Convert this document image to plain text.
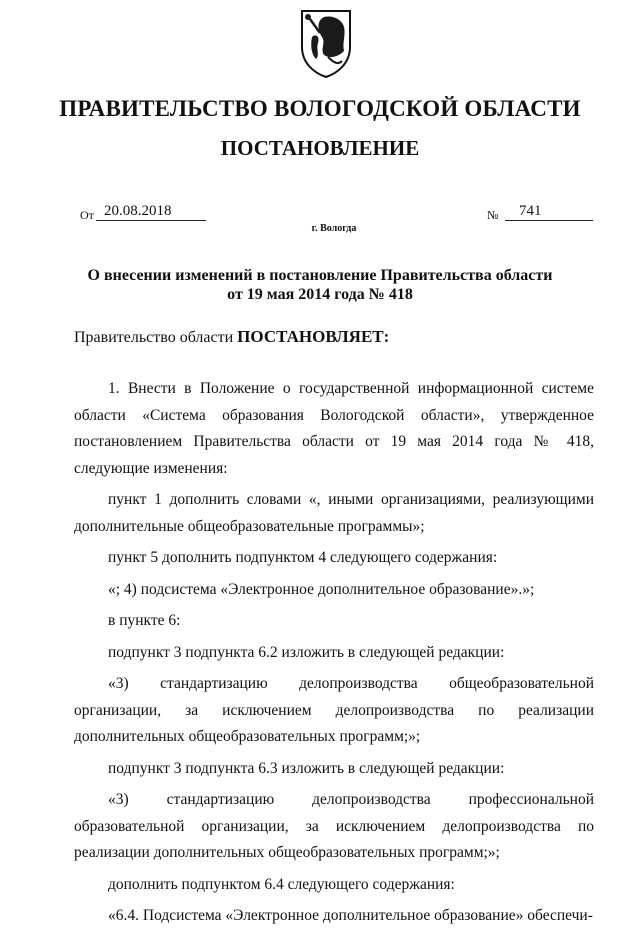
ПРАВИТЕЛЬСТВО ВОЛОГОДСКОЙ ОБЛАСТИ
ПОСТАНОВЛЕНИЕ
От 20.08.2018	№	741
г. Вологда
О внесении изменений в постановление Правительства области
от 19 мая 2014 года № 418
Правительство области ПОСТАНОВЛЯЕТ:

1. Внести в Положение о государственной информационной системе области «Система образования Вологодской области», утвержденное постановлением Правительства области от 19 мая 2014 года № 418, следующие изменения:

пункт 1 дополнить словами «, иными организациями, реализующими дополнительные общеобразовательные программы»;

пункт 5 дополнить подпунктом 4 следующего содержания:

«; 4) подсистема «Электронное дополнительное образование».»;

в пункте 6:

подпункт 3 подпункта 6.2 изложить в следующей редакции:

«3) стандартизацию делопроизводства общеобразовательной организации, за исключением делопроизводства по реализации дополнительных общеобразовательных программ;»;

подпункт 3 подпункта 6.3 изложить в следующей редакции:

«3) стандартизацию делопроизводства профессиональной образовательной организации, за исключением делопроизводства по реализации дополнительных общеобразовательных программ;»;

дополнить подпунктом 6.4 следующего содержания:

«6.4. Подсистема «Электронное дополнительное образование» обеспечи-
